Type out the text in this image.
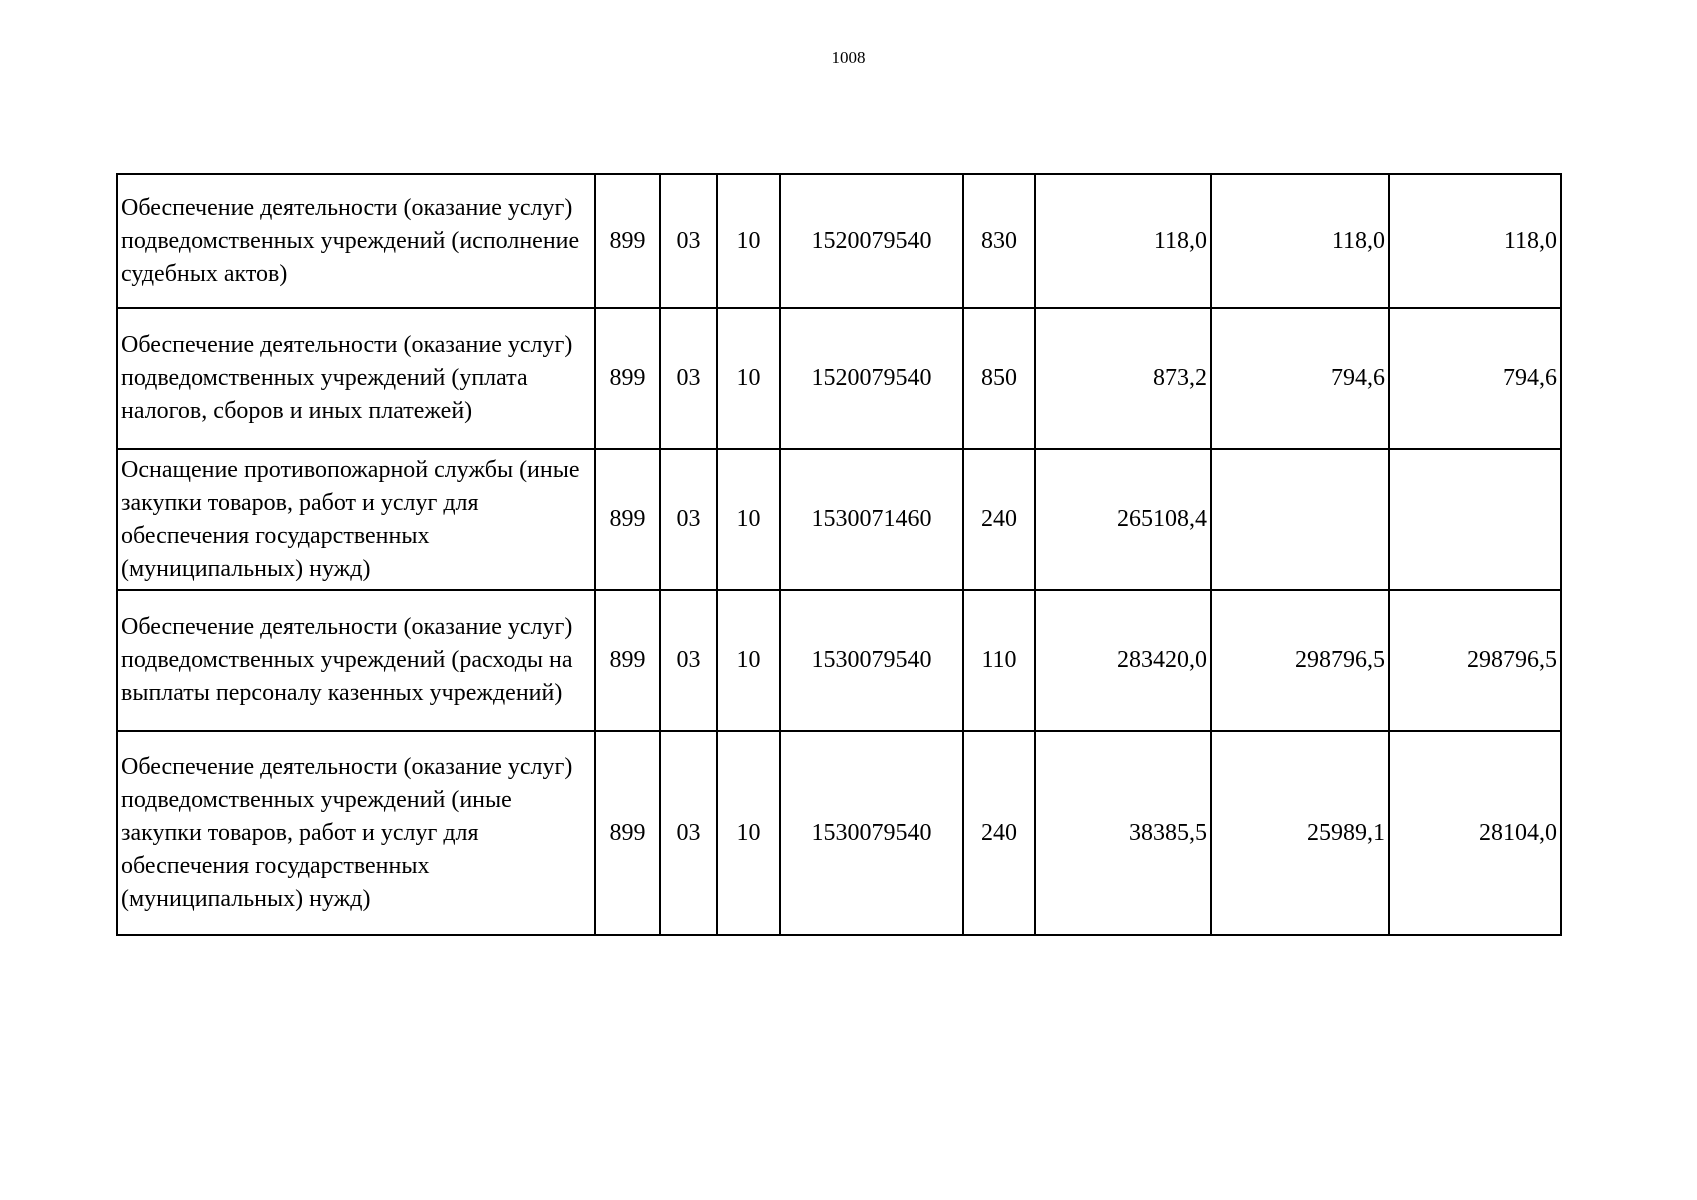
1008
Обеспечение деятельности (оказание услуг) подведомственных учреждений (исполнение судебных актов)	899	03	10	1520079540	830	118,0	118,0	118,0
Обеспечение деятельности (оказание услуг) подведомственных учреждений (уплата налогов, сборов и иных платежей)	899	03	10	1520079540	850	873,2	794,6	794,6
Оснащение противопожарной службы (иные закупки товаров, работ и услуг для обеспечения государственных (муниципальных) нужд)	899	03	10	1530071460	240	265108,4		
Обеспечение деятельности (оказание услуг) подведомственных учреждений (расходы на выплаты персоналу казенных учреждений)	899	03	10	1530079540	110	283420,0	298796,5	298796,5
Обеспечение деятельности (оказание услуг) подведомственных учреждений (иные закупки товаров, работ и услуг для обеспечения государственных (муниципальных) нужд)	899	03	10	1530079540	240	38385,5	25989,1	28104,0
